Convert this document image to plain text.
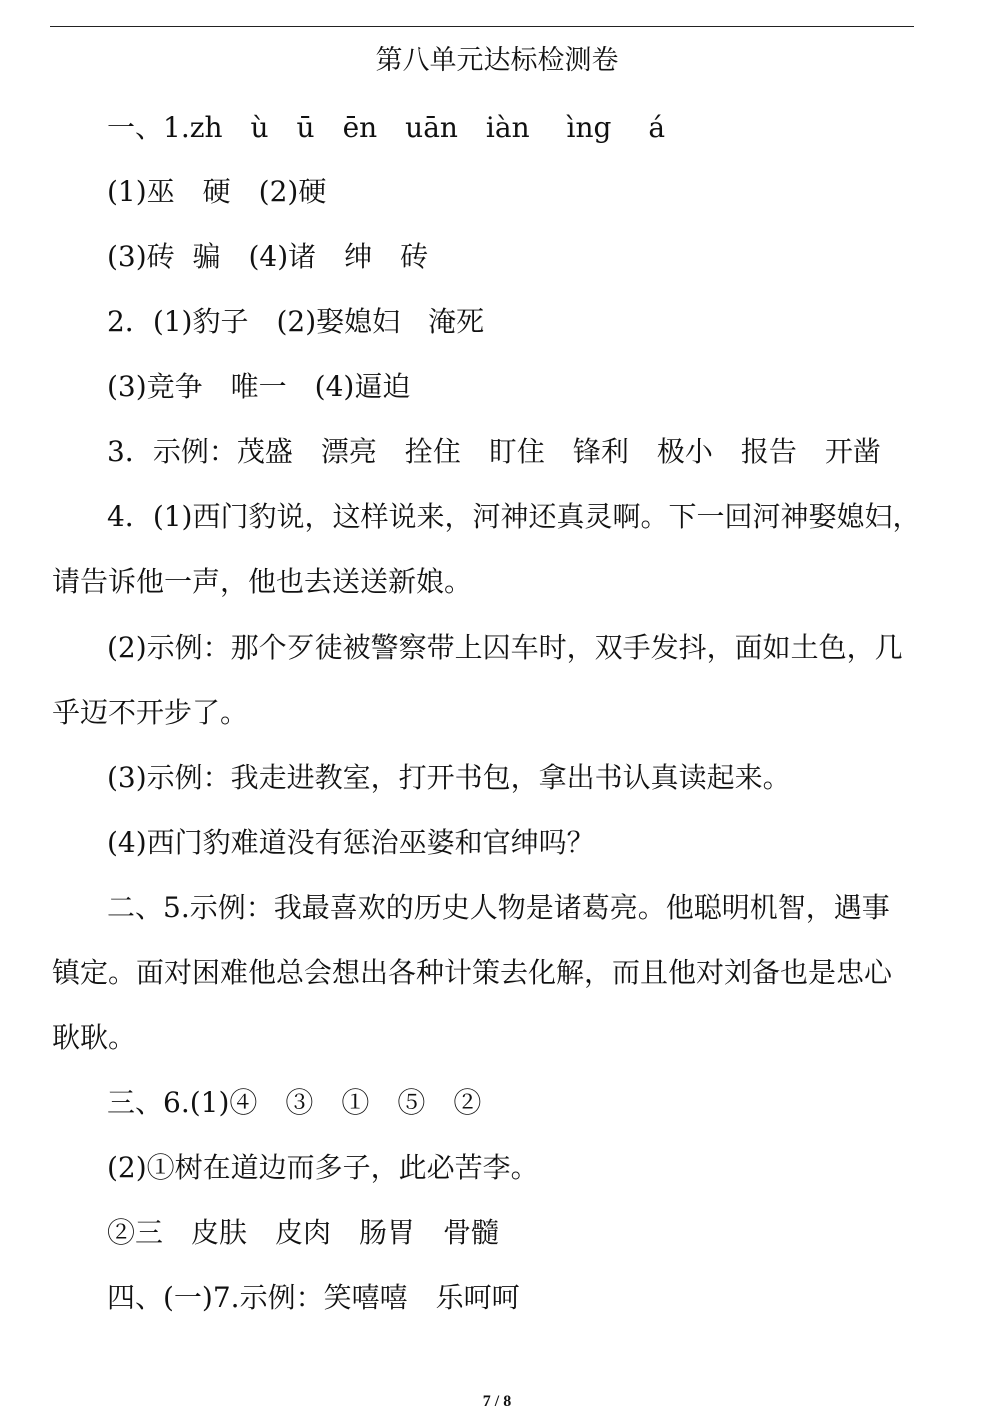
第八单元达标检测卷
一、1.zh　ù　ū　ēn　uān　iàn　 ìng　 á
(1)巫　硬　(2)硬
(3)砖  骗　(4)诸　绅　砖
2．(1)豹子　(2)娶媳妇　淹死
(3)竞争　唯一　(4)逼迫
3．示例：茂盛　漂亮　拴住　盯住　锋利　极小　报告　开凿
4．(1)西门豹说，这样说来，河神还真灵啊。下一回河神娶媳妇，
请告诉他一声，他也去送送新娘。
(2)示例：那个歹徒被警察带上囚车时，双手发抖，面如土色，几
乎迈不开步了。
(3)示例：我走进教室，打开书包，拿出书认真读起来。
(4)西门豹难道没有惩治巫婆和官绅吗？
二、5.示例：我最喜欢的历史人物是诸葛亮。他聪明机智，遇事
镇定。面对困难他总会想出各种计策去化解，而且他对刘备也是忠心
耿耿。
三、6.(1)④　③　①　⑤　②
(2)①树在道边而多子，此必苦李。
②三　皮肤　皮肉　肠胃　骨髓
四、(一)7.示例：笑嘻嘻　乐呵呵
7 / 8
